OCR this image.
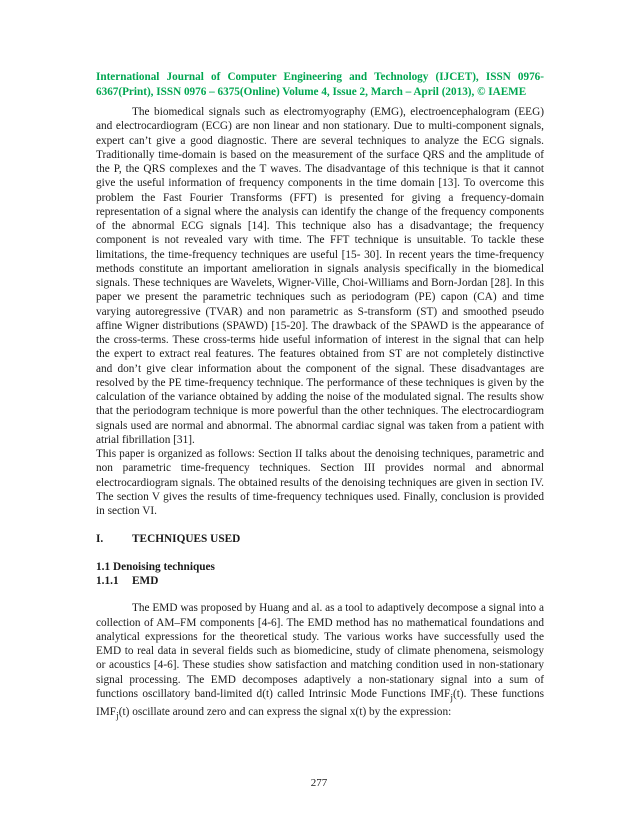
International Journal of Computer Engineering and Technology (IJCET), ISSN 0976-6367(Print), ISSN 0976 – 6375(Online) Volume 4, Issue 2, March – April (2013), © IAEME

The biomedical signals such as electromyography (EMG), electroencephalogram (EEG) and electrocardiogram (ECG) are non linear and non stationary. Due to multi-component signals, expert can’t give a good diagnostic. There are several techniques to analyze the ECG signals. Traditionally time-domain is based on the measurement of the surface QRS and the amplitude of the P, the QRS complexes and the T waves. The disadvantage of this technique is that it cannot give the useful information of frequency components in the time domain [13]. To overcome this problem the Fast Fourier Transforms (FFT) is presented for giving a frequency-domain representation of a signal where the analysis can identify the change of the frequency components of the abnormal ECG signals [14]. This technique also has a disadvantage; the frequency component is not revealed vary with time. The FFT technique is unsuitable. To tackle these limitations, the time-frequency techniques are useful [15- 30]. In recent years the time-frequency methods constitute an important amelioration in signals analysis specifically in the biomedical signals. These techniques are Wavelets, Wigner-Ville, Choi-Williams and Born-Jordan [28]. In this paper we present the parametric techniques such as periodogram (PE) capon (CA) and time varying autoregressive (TVAR) and non parametric as S-transform (ST) and smoothed pseudo affine Wigner distributions (SPAWD) [15-20]. The drawback of the SPAWD is the appearance of the cross-terms. These cross-terms hide useful information of interest in the signal that can help the expert to extract real features. The features obtained from ST are not completely distinctive and don’t give clear information about the component of the signal. These disadvantages are resolved by the PE time-frequency technique. The performance of these techniques is given by the calculation of the variance obtained by adding the noise of the modulated signal. The results show that the periodogram technique is more powerful than the other techniques. The electrocardiogram signals used are normal and abnormal. The abnormal cardiac signal was taken from a patient with atrial fibrillation [31].

This paper is organized as follows: Section II talks about the denoising techniques, parametric and non parametric time-frequency techniques. Section III provides normal and abnormal electrocardiogram signals. The obtained results of the denoising techniques are given in section IV. The section V gives the results of time-frequency techniques used. Finally, conclusion is provided in section VI.

I.	TECHNIQUES USED
1.1 Denoising techniques
1.1.1 EMD

The EMD was proposed by Huang and al. as a tool to adaptively decompose a signal into a collection of AM–FM components [4-6]. The EMD method has no mathematical foundations and analytical expressions for the theoretical study. The various works have successfully used the EMD to real data in several fields such as biomedicine, study of climate phenomena, seismology or acoustics [4-6]. These studies show satisfaction and matching condition used in non-stationary signal processing. The EMD decomposes adaptively a non-stationary signal into a sum of functions oscillatory band-limited d(t) called Intrinsic Mode Functions $IMF_j(t)$. These functions $IMF_j(t)$ oscillate around zero and can express the signal x(t) by the expression:

277
